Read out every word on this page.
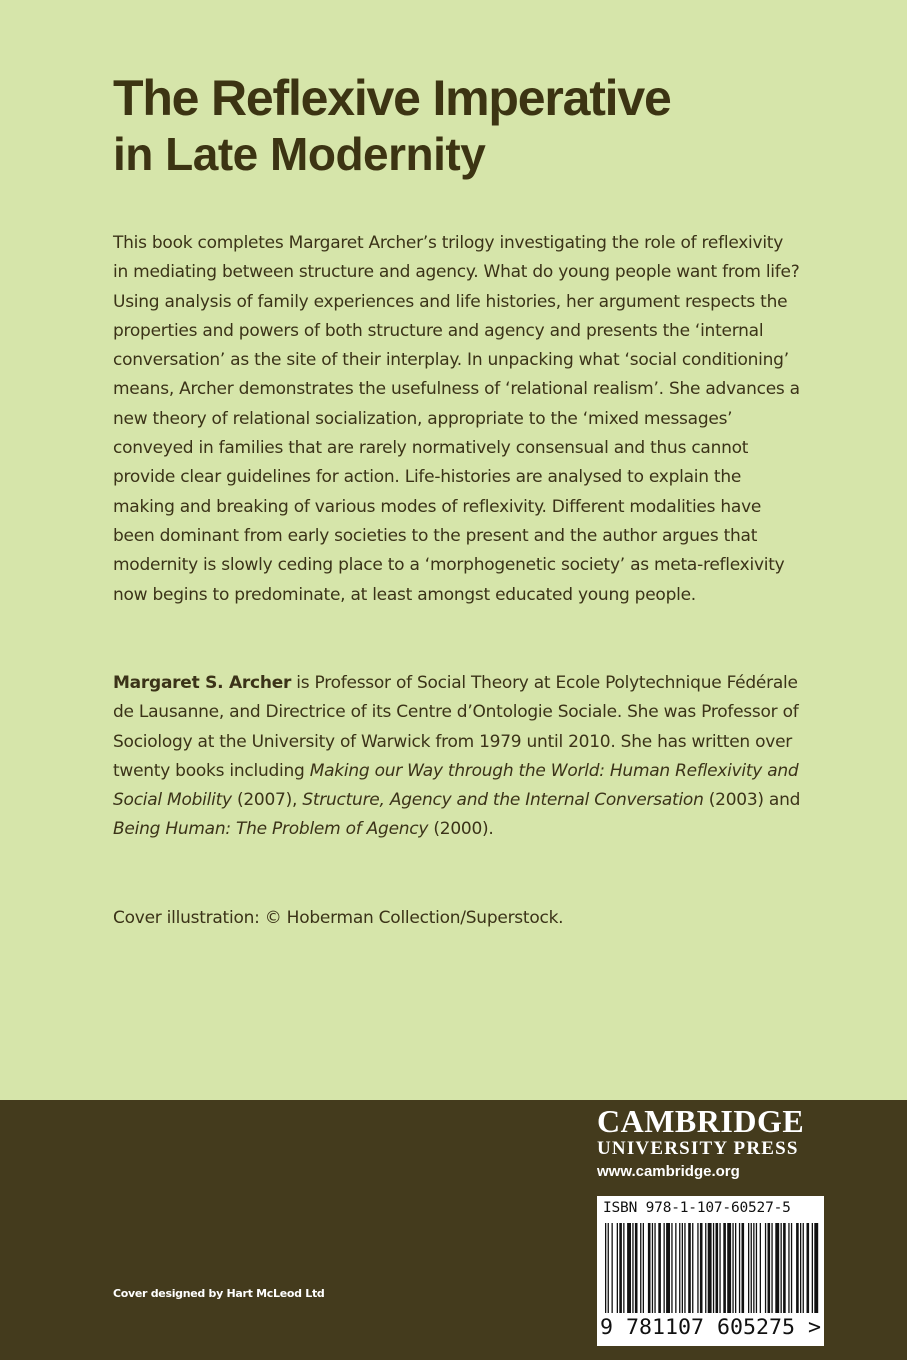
The Reflexive Imperative
in Late Modernity

This book completes Margaret Archer’s trilogy investigating the role of reflexivity in mediating between structure and agency. What do young people want from life? Using analysis of family experiences and life histories, her argument respects the properties and powers of both structure and agency and presents the ‘internal conversation’ as the site of their interplay. In unpacking what ‘social conditioning’ means, Archer demonstrates the usefulness of ‘relational realism’. She advances a new theory of relational socialization, appropriate to the ‘mixed messages’ conveyed in families that are rarely normatively consensual and thus cannot provide clear guidelines for action. Life-histories are analysed to explain the making and breaking of various modes of reflexivity. Different modalities have been dominant from early societies to the present and the author argues that modernity is slowly ceding place to a ‘morphogenetic society’ as meta-reflexivity now begins to predominate, at least amongst educated young people.

Margaret S. Archer is Professor of Social Theory at Ecole Polytechnique Fédérale de Lausanne, and Directrice of its Centre d’Ontologie Sociale. She was Professor of Sociology at the University of Warwick from 1979 until 2010. She has written over twenty books including Making our Way through the World: Human Reflexivity and Social Mobility (2007), Structure, Agency and the Internal Conversation (2003) and Being Human: The Problem of Agency (2000).
Cover illustration: © Hoberman Collection/Superstock.
CAMBRIDGE
UNIVERSITY PRESS
www.cambridge.org
9 781107 605275 >
ISBN 978-1-107-60527-5
Cover designed by Hart McLeod Ltd
